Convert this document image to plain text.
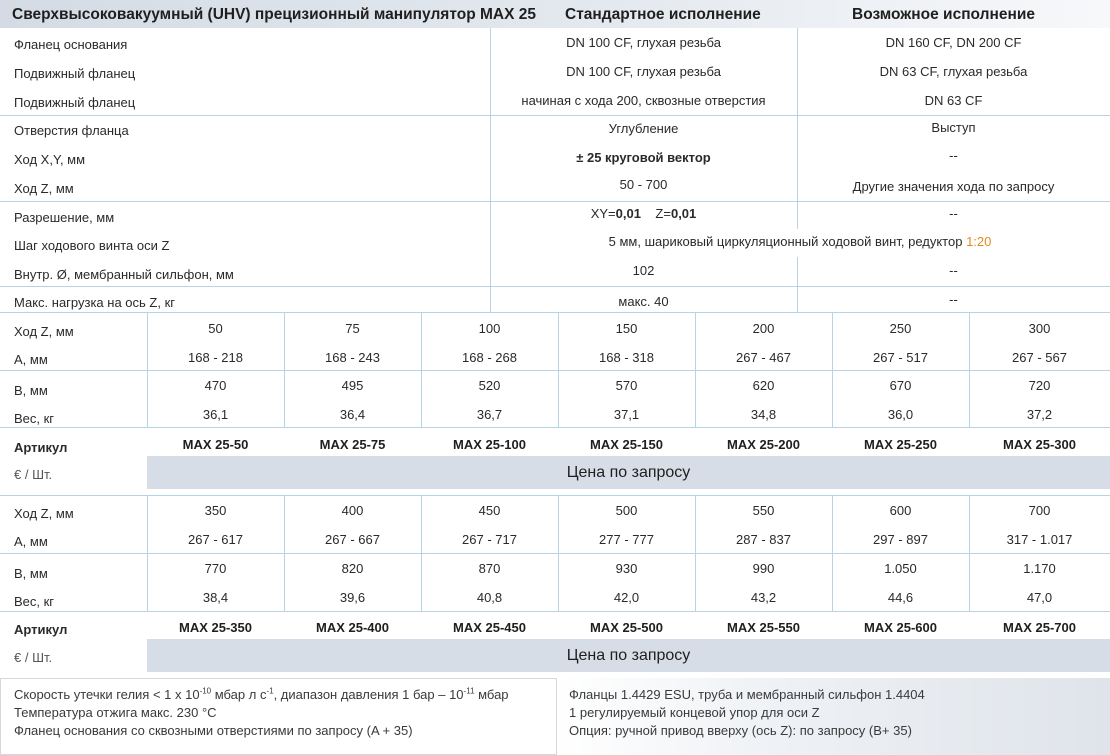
Сверхвысоковакуумный (UHV) прецизионный манипулятор MAX 25 Стандартное исполнение	Возможное исполнение
Фланец основания	DN 100 CF, глухая резьба	DN 160 CF, DN 200 CF
Подвижный фланец	DN 100 CF, глухая резьба	DN 63 CF, глухая резьба
Подвижный фланец	начиная с хода 200, сквозные отверстия	DN 63 CF
Отверстия фланца	Углубление	Выступ
Ход X,Y, мм	± 25 круговой вектор	--
Ход Z, мм	50 - 700	Другие значения хода по запросу
Разрешение, мм	XY=0,01 Z=0,01	--
Шаг ходового винта оси Z	5 мм, шариковый циркуляционный ходовой винт, редуктор 1:20
Внутр. Ø, мембранный сильфон, мм	102	--
Макс. нагрузка на ось Z, кг	макс. 40	--
Ход Z, мм	50	75	100	150	200	250	300
A, мм	168 - 218	168 - 243	168 - 268	168 - 318	267 - 467	267 - 517	267 - 567
B, мм	470	495	520	570	620	670	720
Вес, кг	36,1	36,4	36,7	37,1	34,8	36,0	37,2
Артикул	MAX 25-50	MAX 25-75	MAX 25-100	MAX 25-150	MAX 25-200	MAX 25-250	MAX 25-300
€ / Шт.	Цена по запросу
Ход Z, мм	350	400	450	500	550	600	700
A, мм	267 - 617	267 - 667	267 - 717	277 - 777	287 - 837	297 - 897	317 - 1.017
B, мм	770	820	870	930	990	1.050	1.170
Вес, кг	38,4	39,6	40,8	42,0	43,2	44,6	47,0
Артикул	MAX 25-350	MAX 25-400	MAX 25-450	MAX 25-500	MAX 25-550	MAX 25-600	MAX 25-700
€ / Шт.	Цена по запросу
Скорость утечки гелия < 1 x $10^{-10}$ мбар л $с^{-1}$, диапазон давления 1 бар – $10^{-11}$ мбар
Температура отжига макс. 230 °C
Фланец основания со сквозными отверстиями по запросу (A + 35)
Фланцы 1.4429 ESU, труба и мембранный сильфон 1.4404
1 регулируемый концевой упор для оси Z
Опция: ручной привод вверху (ось Z): по запросу (B+ 35)
